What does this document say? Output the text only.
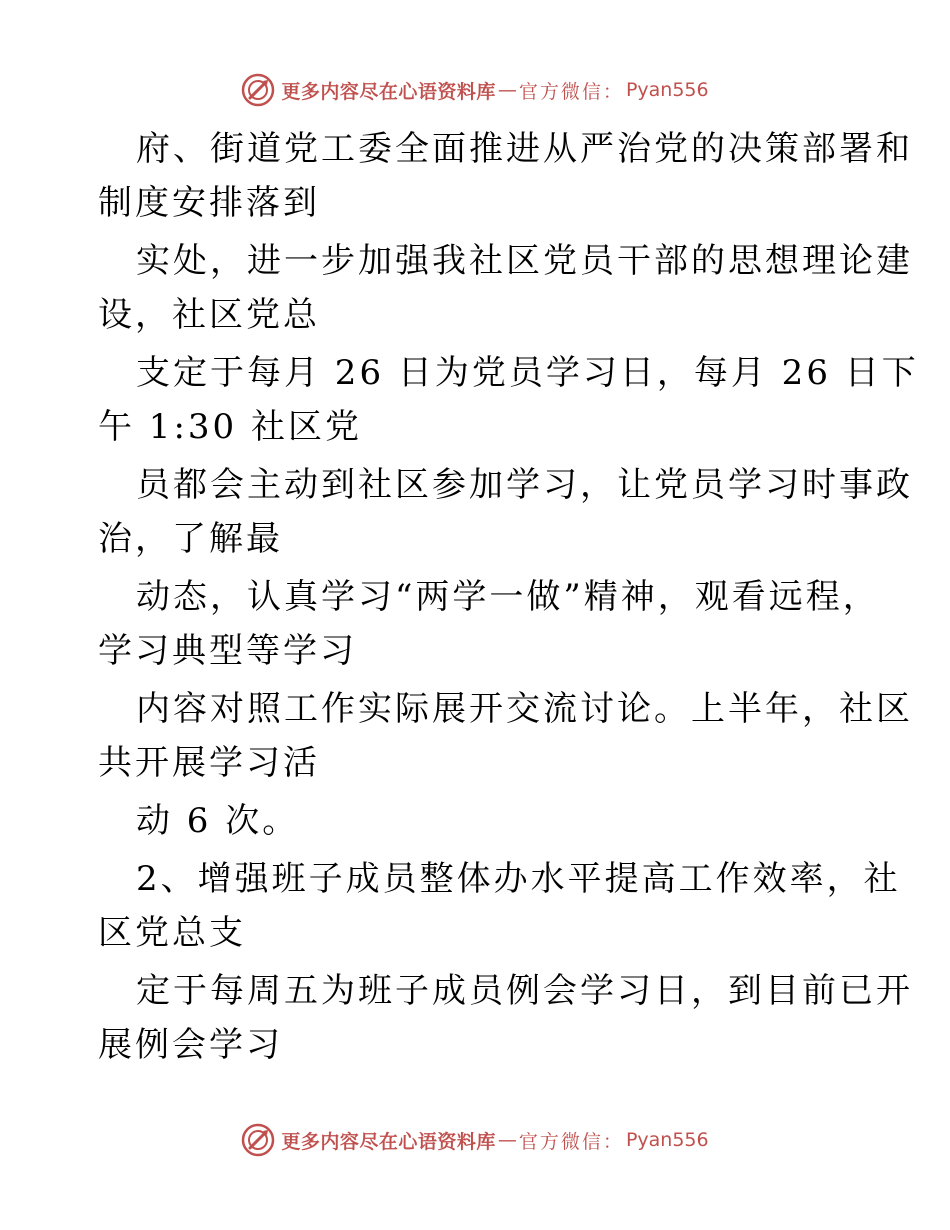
更多内容尽在心语资料库 — 官方微信： Pyan556
府、街道党工委全面推进从严治党的决策部署和
制度安排落到
实处，进一步加强我社区党员干部的思想理论建
设，社区党总
支定于每月 26 日为党员学习日，每月 26 日下
午 1:30 社区党
员都会主动到社区参加学习，让党员学习时事政
治，了解最
动态，认真学习“两学一做”精神，观看远程，
学习典型等学习
内容对照工作实际展开交流讨论。上半年，社区
共开展学习活
动 6 次。
2、增强班子成员整体办水平提高工作效率，社
区党总支
定于每周五为班子成员例会学习日，到目前已开
展例会学习
更多内容尽在心语资料库 — 官方微信： Pyan556
